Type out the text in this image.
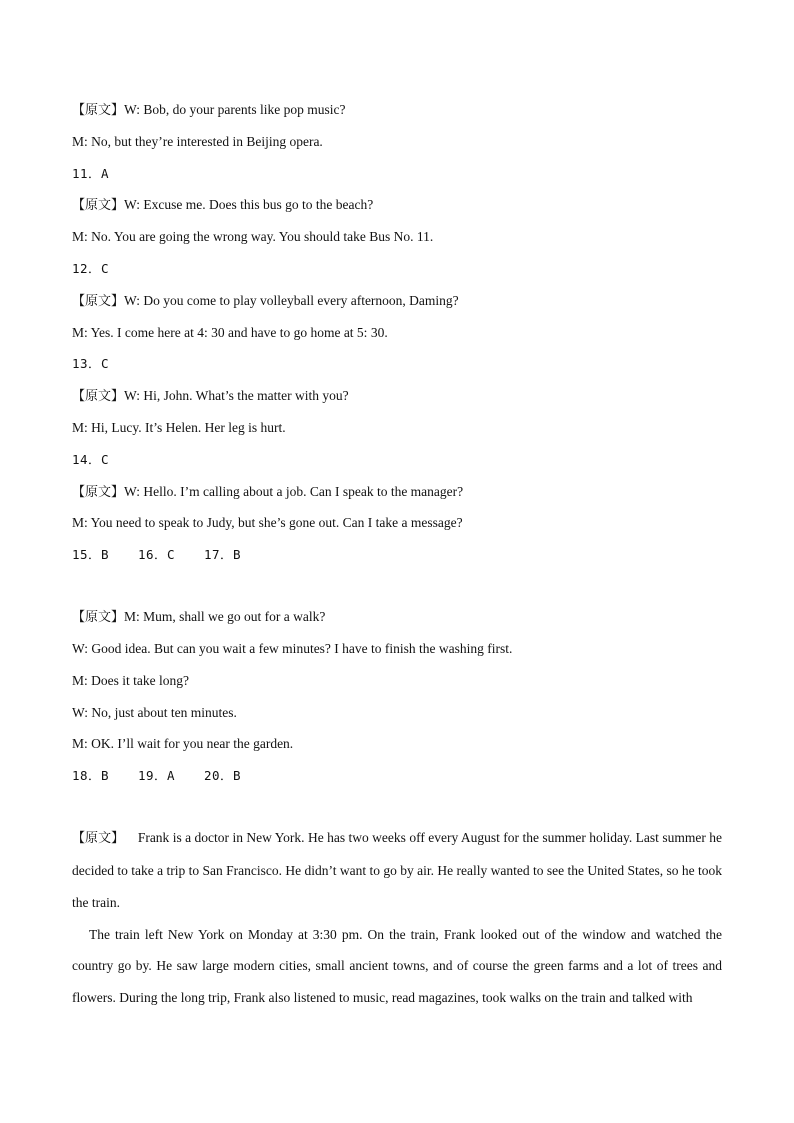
【原文】W: Bob, do your parents like pop music?

M: No, but they’re interested in Beijing opera.

11．A

【原文】W: Excuse me. Does this bus go to the beach?

M: No. You are going the wrong way. You should take Bus No. 11.

12．C

【原文】W: Do you come to play volleyball every afternoon, Daming?

M: Yes. I come here at 4: 30 and have to go home at 5: 30.

13．C

【原文】W: Hi, John. What’s the matter with you?

M: Hi, Lucy. It’s Helen. Her leg is hurt.

14．C

【原文】W: Hello. I’m calling about a job. Can I speak to the manager?

M: You need to speak to Judy, but she’s gone out. Can I take a message?

15．B 16．C 17．B

【原文】M: Mum, shall we go out for a walk?

W: Good idea. But can you wait a few minutes? I have to finish the washing first.

M: Does it take long?

W: No, just about ten minutes.

M: OK. I’ll wait for you near the garden.

18．B 19．A 20．B

【原文】 Frank is a doctor in New York. He has two weeks off every August for the summer holiday. Last summer he decided to take a trip to San Francisco. He didn’t want to go by air. He really wanted to see the United States, so he took the train.

The train left New York on Monday at 3:30 pm. On the train, Frank looked out of the window and watched the country go by. He saw large modern cities, small ancient towns, and of course the green farms and a lot of trees and flowers. During the long trip, Frank also listened to music, read magazines, took walks on the train and talked with
